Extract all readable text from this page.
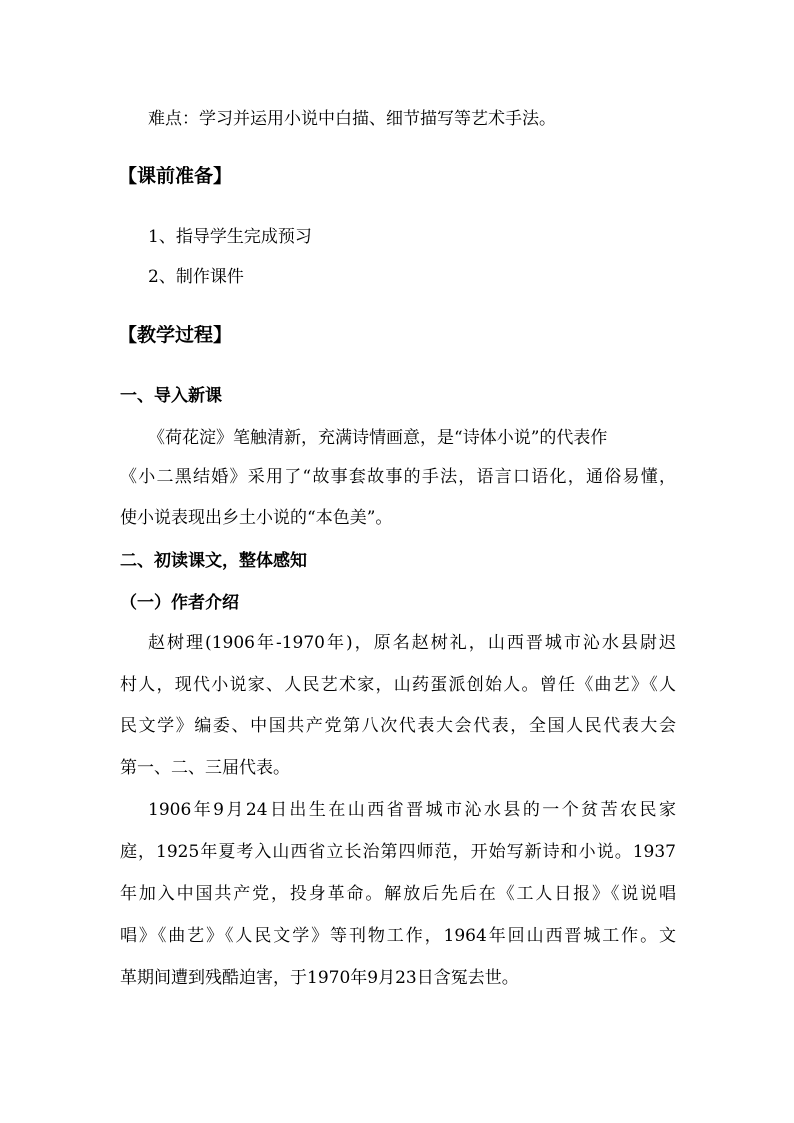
难点：学习并运用小说中白描、细节描写等艺术手法。
【课前准备】
1、指导学生完成预习
2、制作课件
【教学过程】
一、导入新课
《荷花淀》笔触清新，充满诗情画意，是“诗体小说”的代表作
《小二黑结婚》采用了“故事套故事的手法，语言口语化，通俗易懂，
使小说表现出乡土小说的“本色美”。
二、初读课文，整体感知
（一）作者介绍
赵树理(1906年-1970年)，原名赵树礼，山西晋城市沁水县尉迟
村人，现代小说家、人民艺术家，山药蛋派创始人。曾任《曲艺》《人
民文学》编委、中国共产党第八次代表大会代表，全国人民代表大会
第一、二、三届代表。
1906年9月24日出生在山西省晋城市沁水县的一个贫苦农民家
庭，1925年夏考入山西省立长治第四师范，开始写新诗和小说。1937
年加入中国共产党，投身革命。解放后先后在《工人日报》《说说唱
唱》《曲艺》《人民文学》等刊物工作，1964年回山西晋城工作。文
革期间遭到残酷迫害，于1970年9月23日含冤去世。
